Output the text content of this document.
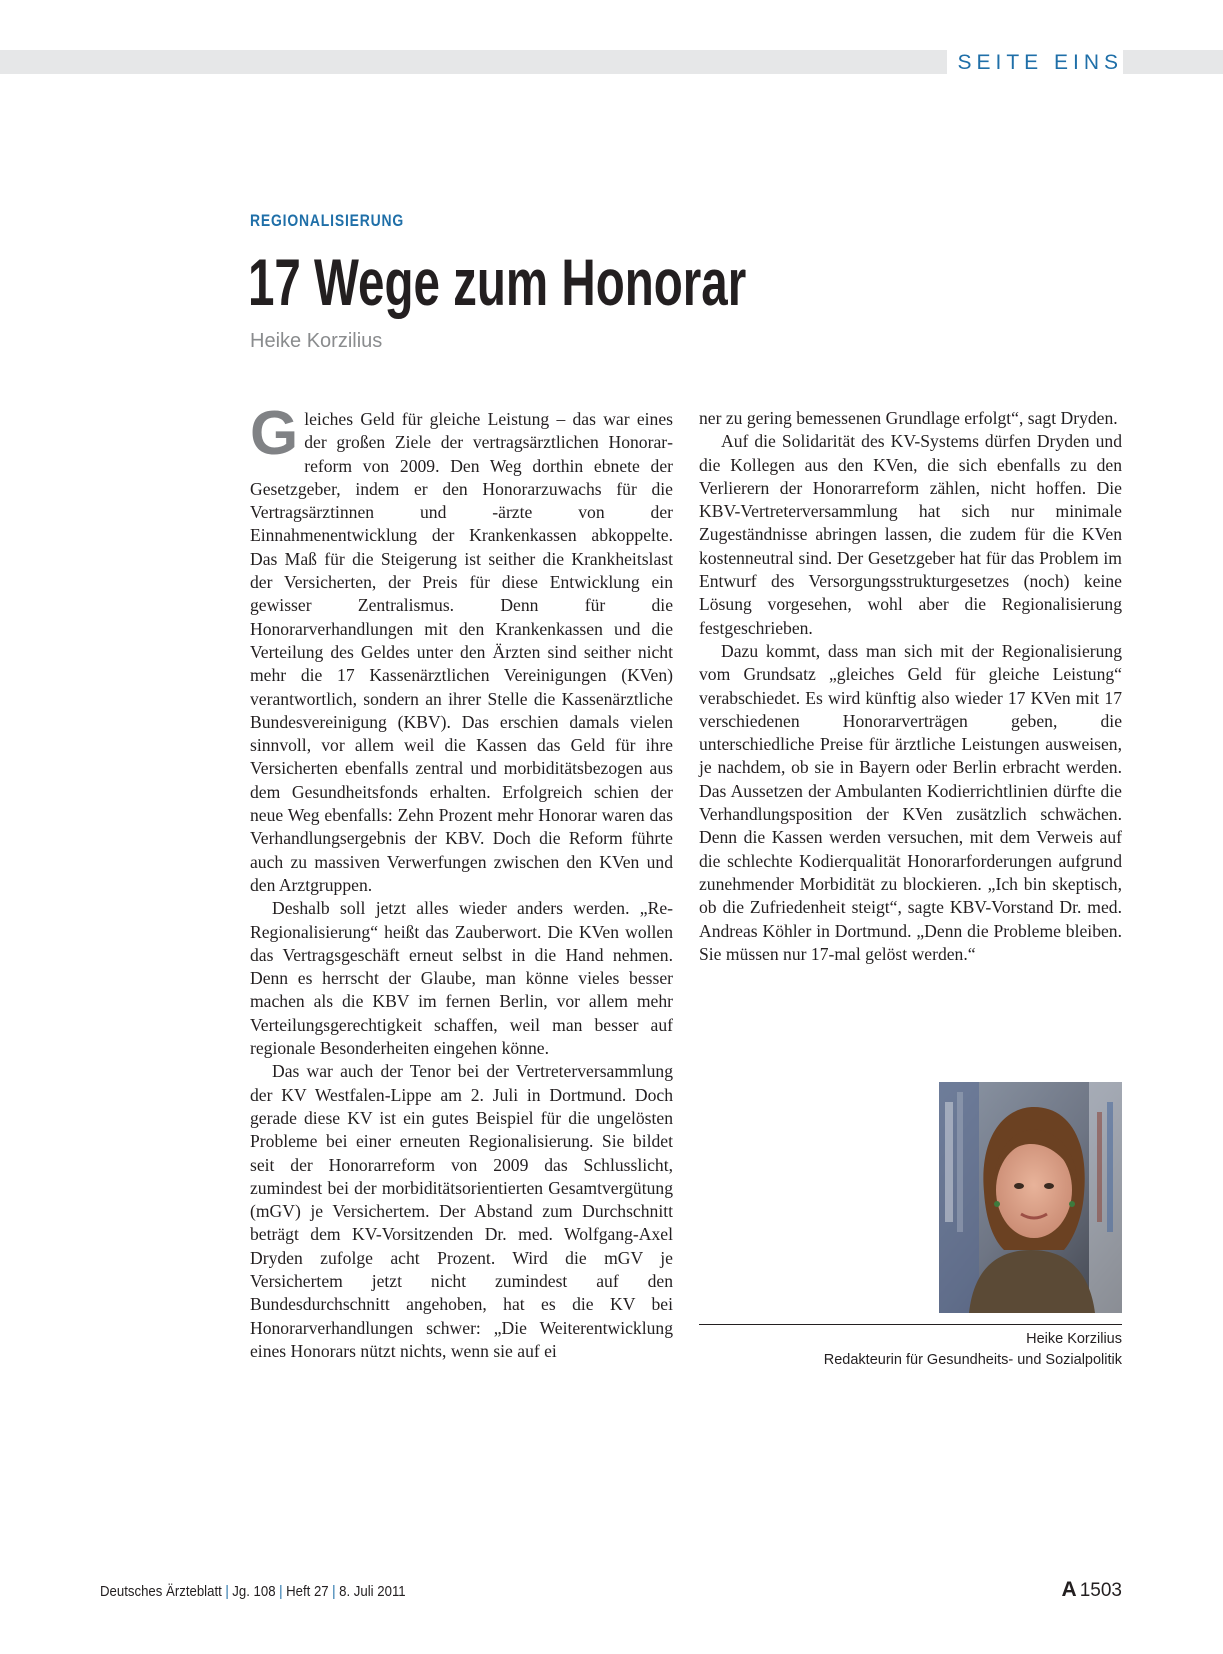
SEITE EINS
REGIONALISIERUNG
17 Wege zum Honorar
Heike Korzilius

Gleiches Geld für gleiche Leistung – das war eines der großen Ziele der vertragsärztlichen Honorarreform von 2009. Den Weg dorthin ebnete der Gesetzgeber, indem er den Honorarzuwachs für die Vertragsärztinnen und -ärzte von der Einnahmenentwicklung der Krankenkassen abkoppelte. Das Maß für die Steigerung ist seither die Krankheitslast der Versicherten, der Preis für diese Entwicklung ein gewisser Zentralismus. Denn für die Honorarverhandlungen mit den Krankenkassen und die Verteilung des Geldes unter den Ärzten sind seither nicht mehr die 17 Kassenärztlichen Vereinigungen (KVen) verantwortlich, sondern an ihrer Stelle die Kassenärztliche Bundesvereinigung (KBV). Das erschien damals vielen sinnvoll, vor allem weil die Kassen das Geld für ihre Versicherten ebenfalls zentral und morbiditätsbezogen aus dem Gesundheitsfonds erhalten. Erfolgreich schien der neue Weg ebenfalls: Zehn Prozent mehr Honorar waren das Verhandlungsergebnis der KBV. Doch die Reform führte auch zu massiven Verwerfungen zwischen den KVen und den Arztgruppen.

Deshalb soll jetzt alles wieder anders werden. „Re-Regionalisierung“ heißt das Zauberwort. Die KVen wollen das Vertragsgeschäft erneut selbst in die Hand nehmen. Denn es herrscht der Glaube, man könne vieles besser machen als die KBV im fernen Berlin, vor allem mehr Verteilungsgerechtigkeit schaffen, weil man besser auf regionale Besonderheiten eingehen könne.

Das war auch der Tenor bei der Vertreterversammlung der KV Westfalen-Lippe am 2. Juli in Dortmund. Doch gerade diese KV ist ein gutes Beispiel für die ungelösten Probleme bei einer erneuten Regionalisierung. Sie bildet seit der Honorarreform von 2009 das Schlusslicht, zumindest bei der morbiditätsorientierten Gesamtvergütung (mGV) je Versichertem. Der Abstand zum Durchschnitt beträgt dem KV-Vorsitzenden Dr. med. Wolfgang-Axel Dryden zufolge acht Prozent. Wird die mGV je Versichertem jetzt nicht zumindest auf den Bundesdurchschnitt angehoben, hat es die KV bei Honorarverhandlungen schwer: „Die Weiterentwicklung eines Honorars nützt nichts, wenn sie auf ei

ner zu gering bemessenen Grundlage erfolgt“, sagt Dryden.

Auf die Solidarität des KV-Systems dürfen Dryden und die Kollegen aus den KVen, die sich ebenfalls zu den Verlierern der Honorarreform zählen, nicht hoffen. Die KBV-Vertreterversammlung hat sich nur minimale Zugeständnisse abringen lassen, die zudem für die KVen kostenneutral sind. Der Gesetzgeber hat für das Problem im Entwurf des Versorgungsstrukturgesetzes (noch) keine Lösung vorgesehen, wohl aber die Regionalisierung festgeschrieben.

Dazu kommt, dass man sich mit der Regionalisierung vom Grundsatz „gleiches Geld für gleiche Leistung“ verabschiedet. Es wird künftig also wieder 17 KVen mit 17 verschiedenen Honorarverträgen geben, die unterschiedliche Preise für ärztliche Leistungen ausweisen, je nachdem, ob sie in Bayern oder Berlin erbracht werden. Das Aussetzen der Ambulanten Kodierrichtlinien dürfte die Verhandlungsposition der KVen zusätzlich schwächen. Denn die Kassen werden versuchen, mit dem Verweis auf die schlechte Kodierqualität Honorarforderungen aufgrund zunehmender Morbidität zu blockieren. „Ich bin skeptisch, ob die Zufriedenheit steigt“, sagte KBV-Vorstand Dr. med. Andreas Köhler in Dortmund. „Denn die Probleme bleiben. Sie müssen nur 17-mal gelöst werden.“

Heike Korzilius
Redakteurin für Gesundheits- und Sozialpolitik
Deutsches Ärzteblatt | Jg. 108 | Heft 27 | 8. Juli 2011	A 1503
